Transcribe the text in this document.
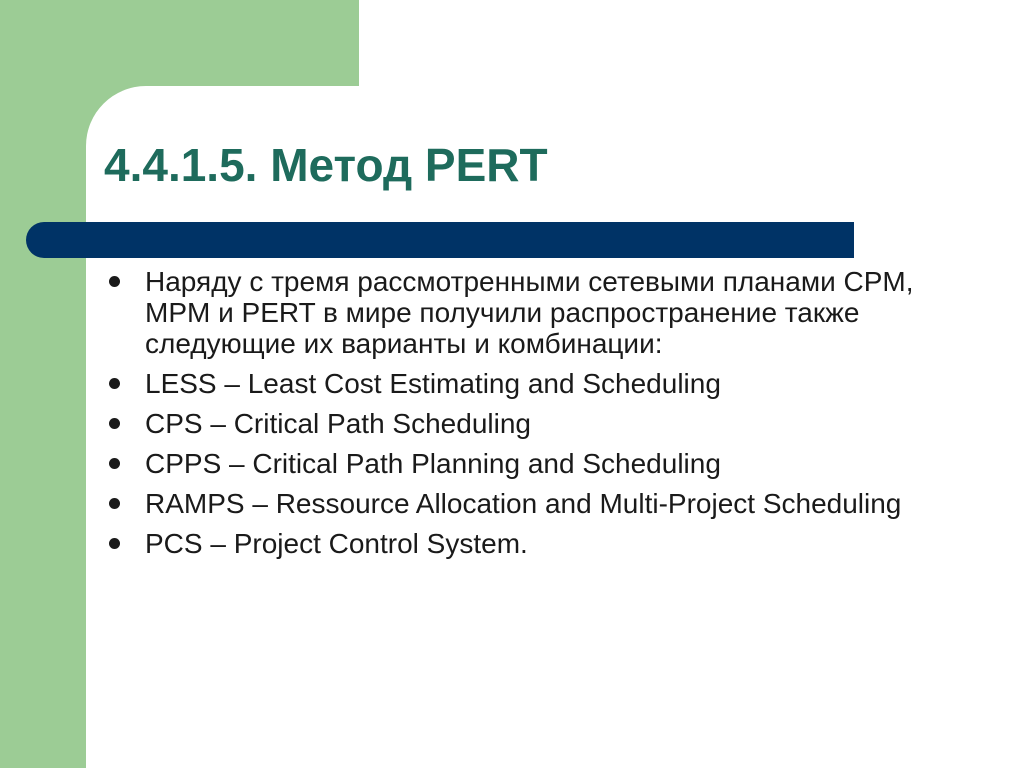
4.4.1.5. Метод PERT
Наряду с тремя рассмотренными сетевыми планами CPM, MPM и PERT в мире получили распространение также следующие их варианты и комбинации:
LESS – Least Cost Estimating and Scheduling
CPS – Critical Path Scheduling
CPPS – Critical Path Planning and Scheduling
RAMPS – Ressource Allocation and Multi-Project Scheduling
PCS – Project Control System.
